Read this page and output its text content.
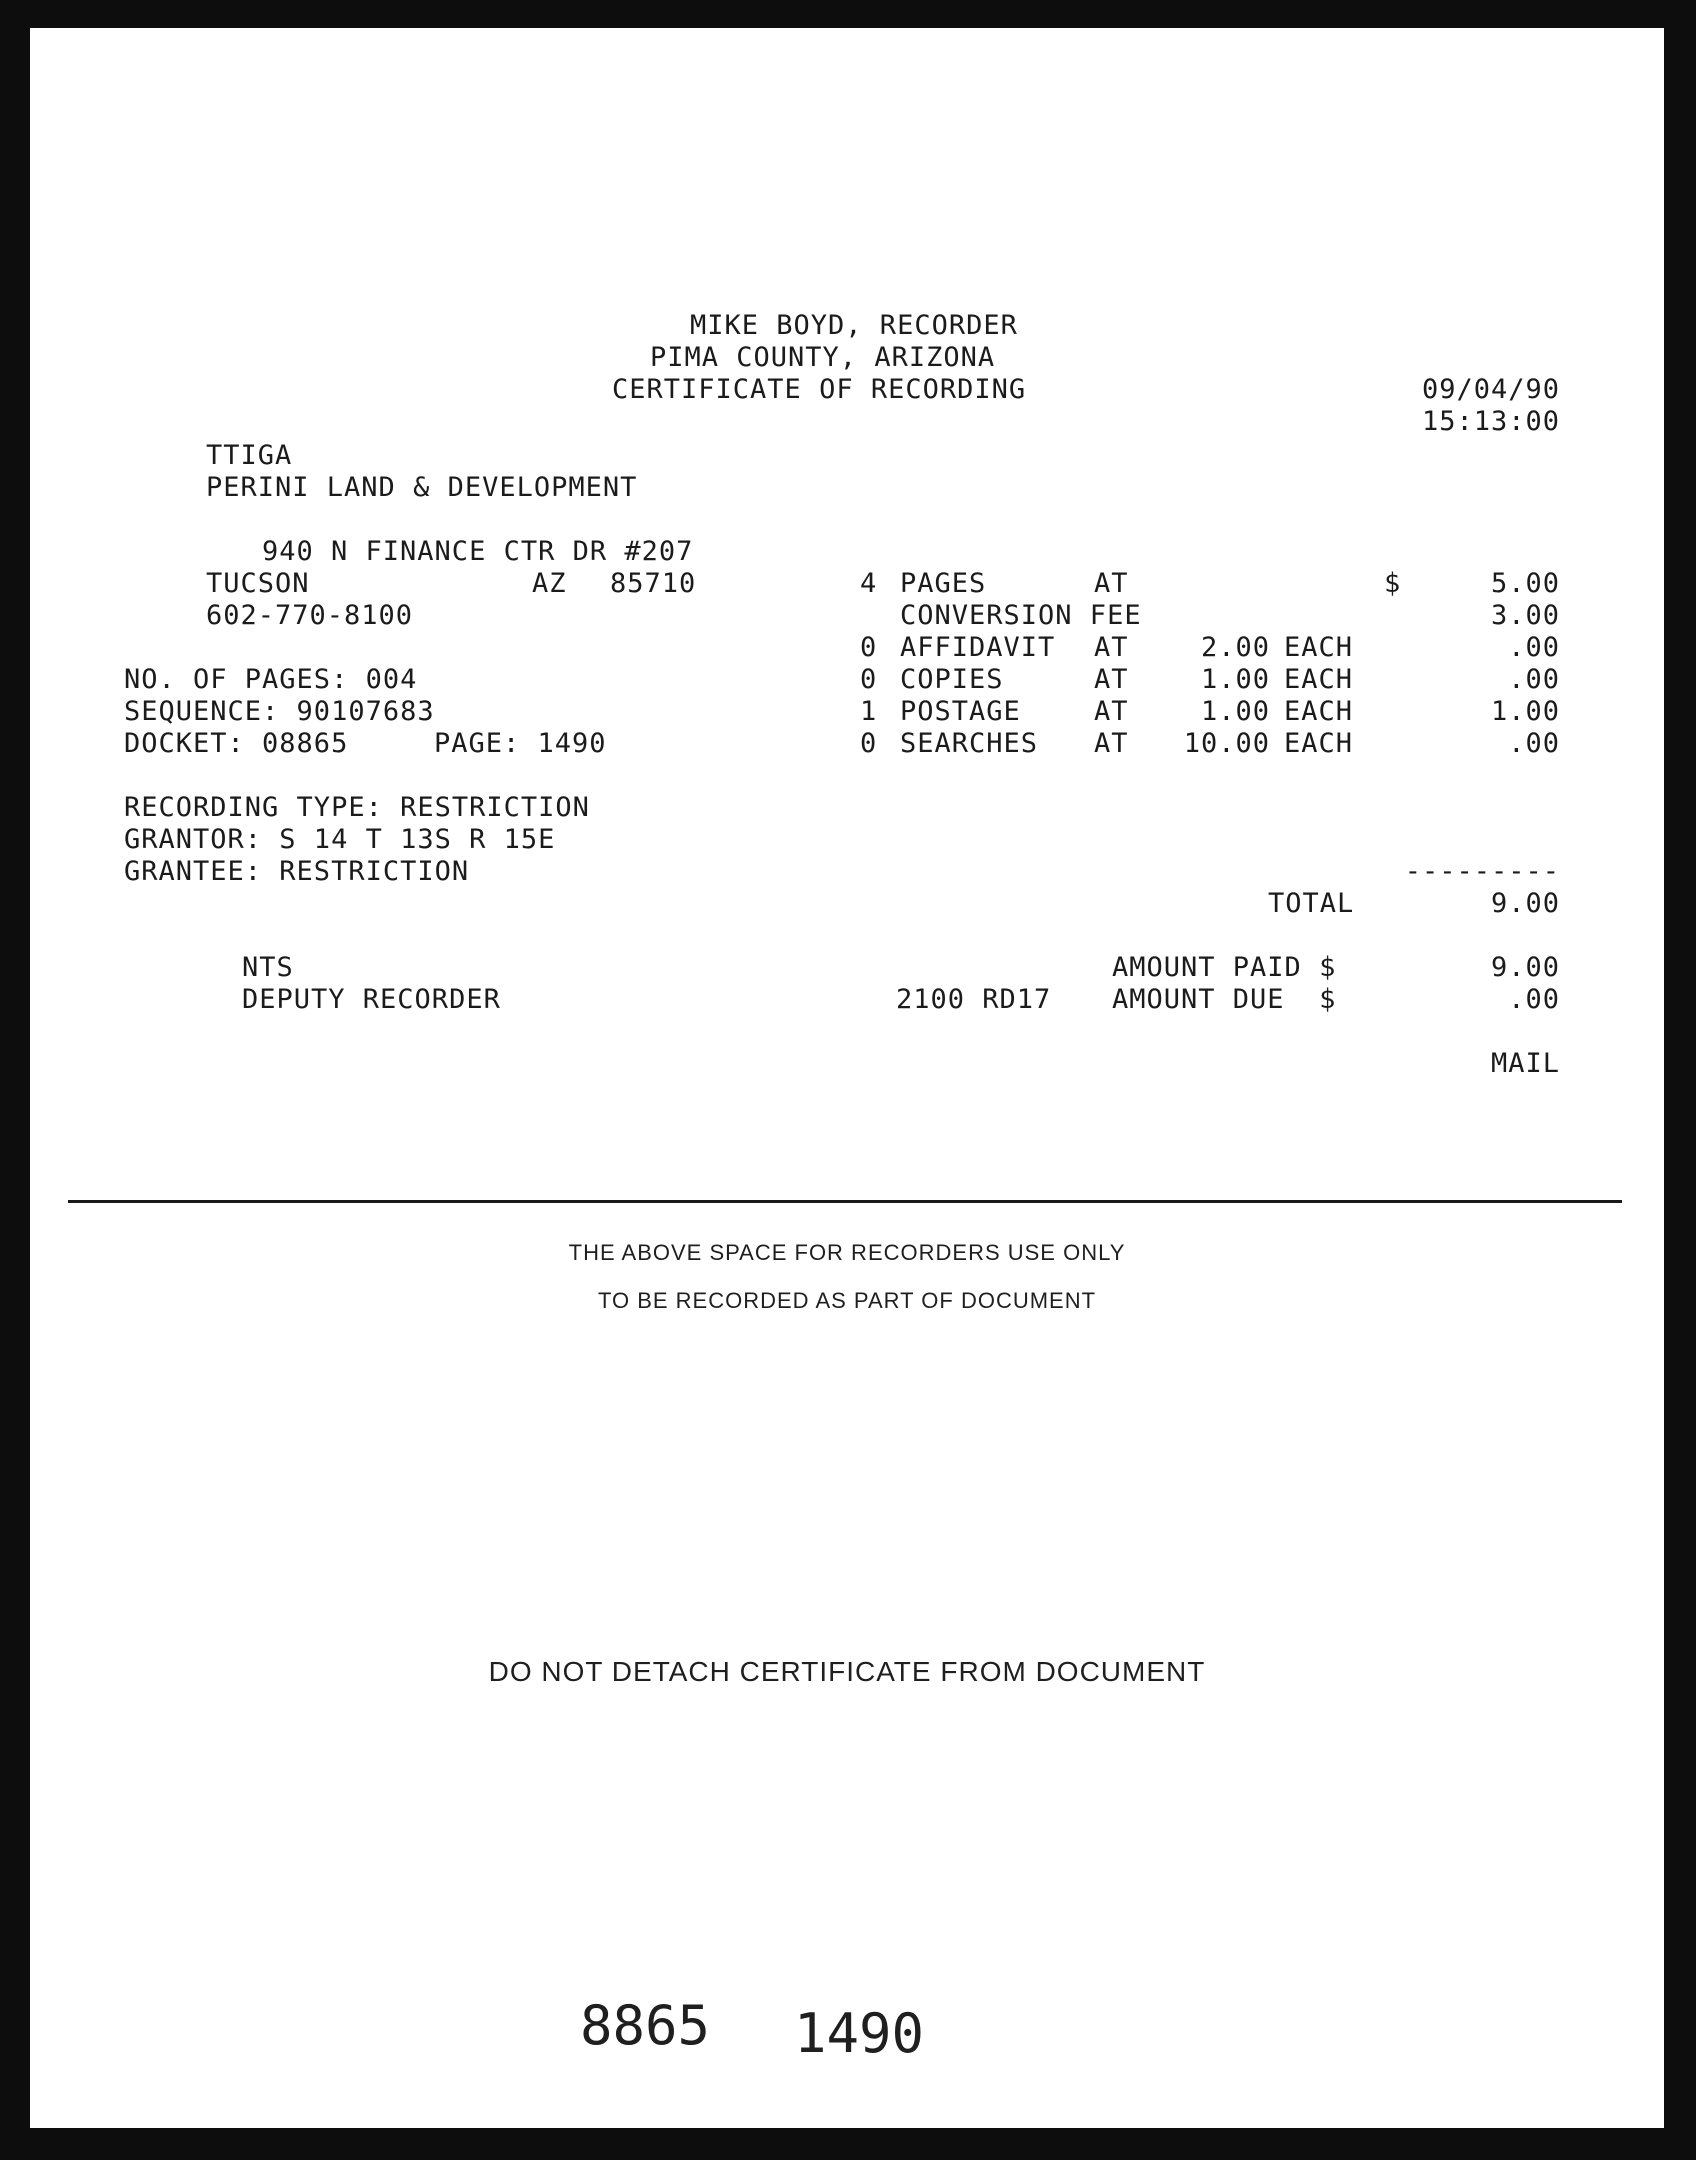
MIKE BOYD, RECORDER
PIMA COUNTY, ARIZONA
CERTIFICATE OF RECORDING	09/04/90
15:13:00
TTIGA
PERINI LAND & DEVELOPMENT
940 N FINANCE CTR DR #207
TUCSON	AZ 85710
602-770-8100
NO. OF PAGES: 004
SEQUENCE: 90107683
DOCKET: 08865	PAGE: 1490
RECORDING TYPE: RESTRICTION
GRANTOR: S 14 T 13S R 15E
GRANTEE: RESTRICTION
4 PAGES	AT	$	5.00
CONVERSION FEE	3.00
0 AFFIDAVIT AT	2.00 EACH	.00
0 COPIES	AT	1.00 EACH	.00
1 POSTAGE	AT	1.00 EACH	1.00
0 SEARCHES AT	10.00 EACH	.00
---------
TOTAL	9.00
NTS
DEPUTY RECORDER
AMOUNT PAID $	9.00
2100 RD17 AMOUNT DUE  $	.00
MAIL
THE ABOVE SPACE FOR RECORDERS USE ONLY
TO BE RECORDED AS PART OF DOCUMENT
DO NOT DETACH CERTIFICATE FROM DOCUMENT
8865 1490
